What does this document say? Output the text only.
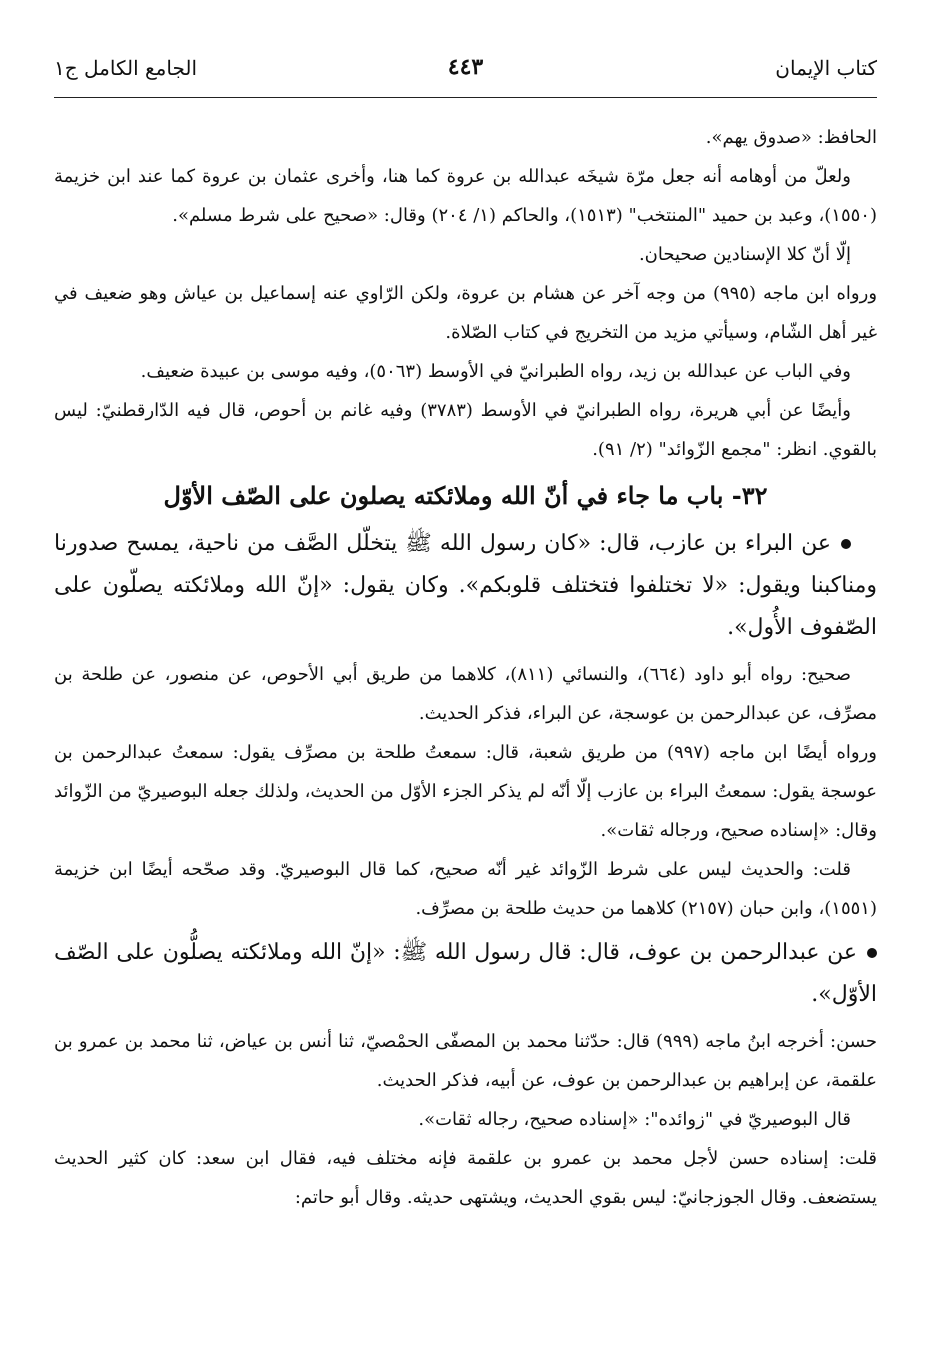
كتاب الإيمان
٤٤٣
الجامع الكامل ج١

الحافظ: «صدوق يهم».

ولعلّ من أوهامه أنه جعل مرّة شيخَه عبدالله بن عروة كما هنا، وأخرى عثمان بن عروة كما عند ابن خزيمة (١٥٥٠)، وعبد بن حميد "المنتخب" (١٥١٣)، والحاكم (١/ ٢٠٤) وقال: «صحيح على شرط مسلم».

إلّا أنّ كلا الإسنادين صحيحان.

ورواه ابن ماجه (٩٩٥) من وجه آخر عن هشام بن عروة، ولكن الرّاوي عنه إسماعيل بن عياش وهو ضعيف في غير أهل الشّام، وسيأتي مزيد من التخريج في كتاب الصّلاة.

وفي الباب عن عبدالله بن زيد، رواه الطبرانيّ في الأوسط (٥٠٦٣)، وفيه موسى بن عبيدة ضعيف.

وأيضًا عن أبي هريرة، رواه الطبرانيّ في الأوسط (٣٧٨٣) وفيه غانم بن أحوص، قال فيه الدّارقطنيّ: ليس بالقوي. انظر: "مجمع الزّوائد" (٢/ ٩١).

٣٢- باب ما جاء في أنّ الله وملائكته يصلون على الصّف الأوّل

عن البراء بن عازب، قال: «كان رسول الله ﷺ يتخلّل الصَّف من ناحية، يمسح صدورنا ومناكبنا ويقول: «لا تختلفوا فتختلف قلوبكم». وكان يقول: «إنّ الله وملائكته يصلّون على الصّفوف الأُول».

صحيح: رواه أبو داود (٦٦٤)، والنسائي (٨١١)، كلاهما من طريق أبي الأحوص، عن منصور، عن طلحة بن مصرِّف، عن عبدالرحمن بن عوسجة، عن البراء، فذكر الحديث.

ورواه أيضًا ابن ماجه (٩٩٧) من طريق شعبة، قال: سمعتُ طلحة بن مصرِّف يقول: سمعتُ عبدالرحمن بن عوسجة يقول: سمعتُ البراء بن عازب إلّا أنّه لم يذكر الجزء الأوّل من الحديث، ولذلك جعله البوصيريّ من الزّوائد وقال: «إسناده صحيح، ورجاله ثقات».

قلت: والحديث ليس على شرط الزّوائد غير أنّه صحيح، كما قال البوصيريّ. وقد صحّحه أيضًا ابن خزيمة (١٥٥١)، وابن حبان (٢١٥٧) كلاهما من حديث طلحة بن مصرِّف.

عن عبدالرحمن بن عوف، قال: قال رسول الله ﷺ: «إنّ الله وملائكته يصلُّون على الصّف الأوّل».

حسن: أخرجه ابنُ ماجه (٩٩٩) قال: حدّثنا محمد بن المصفّى الحمْصيّ، ثنا أنس بن عياض، ثنا محمد بن عمرو بن علقمة، عن إبراهيم بن عبدالرحمن بن عوف، عن أبيه، فذكر الحديث.

قال البوصيريّ في "زوائده": «إسناده صحيح، رجاله ثقات».

قلت: إسناده حسن لأجل محمد بن عمرو بن علقمة فإنه مختلف فيه، فقال ابن سعد: كان كثير الحديث يستضعف. وقال الجوزجانيّ: ليس بقوي الحديث، ويشتهى حديثه. وقال أبو حاتم:
